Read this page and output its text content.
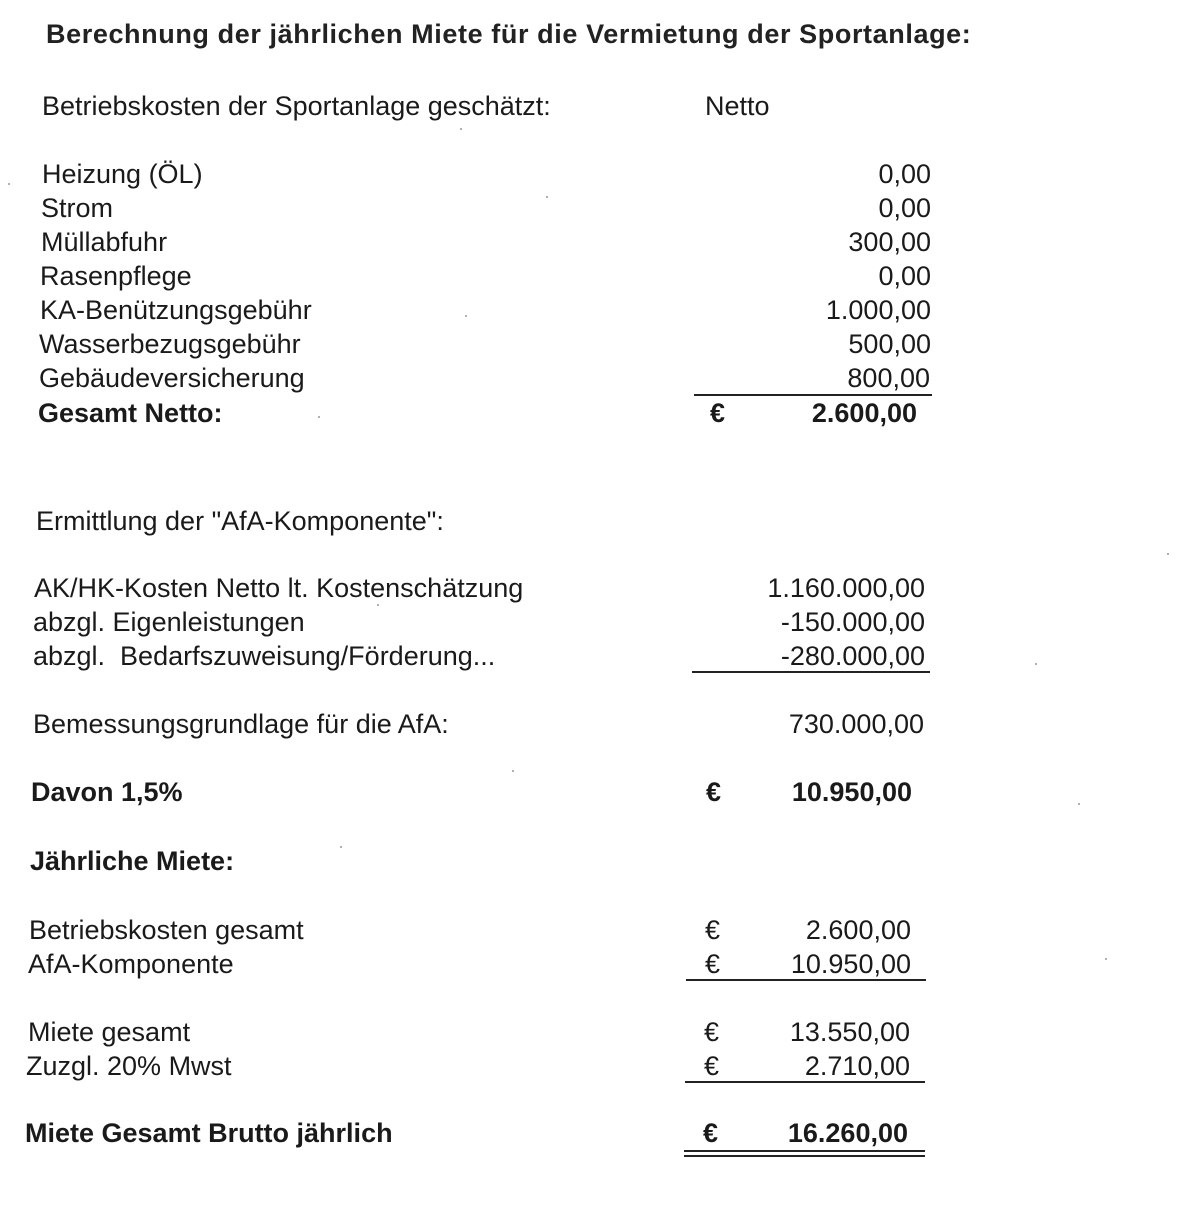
Berechnung der jährlichen Miete für die Vermietung der Sportanlage:
Betriebskosten der Sportanlage geschätzt:	Netto
Heizung (ÖL)	0,00
Strom	0,00
Müllabfuhr	300,00
Rasenpflege	0,00
KA-Benützungsgebühr	1.000,00
Wasserbezugsgebühr	500,00
Gebäudeversicherung	800,00
Gesamt Netto:	€	2.600,00
Ermittlung der "AfA-Komponente":
AK/HK-Kosten Netto lt. Kostenschätzung	1.160.000,00
abzgl. Eigenleistungen	-150.000,00
abzgl.  Bedarfszuweisung/Förderung...	-280.000,00
Bemessungsgrundlage für die AfA:	730.000,00
Davon 1,5%	€	10.950,00
Jährliche Miete:
Betriebskosten gesamt	€	2.600,00
AfA-Komponente	€	10.950,00
Miete gesamt	€	13.550,00
Zuzgl. 20% Mwst	€	2.710,00
Miete Gesamt Brutto jährlich	€	16.260,00
